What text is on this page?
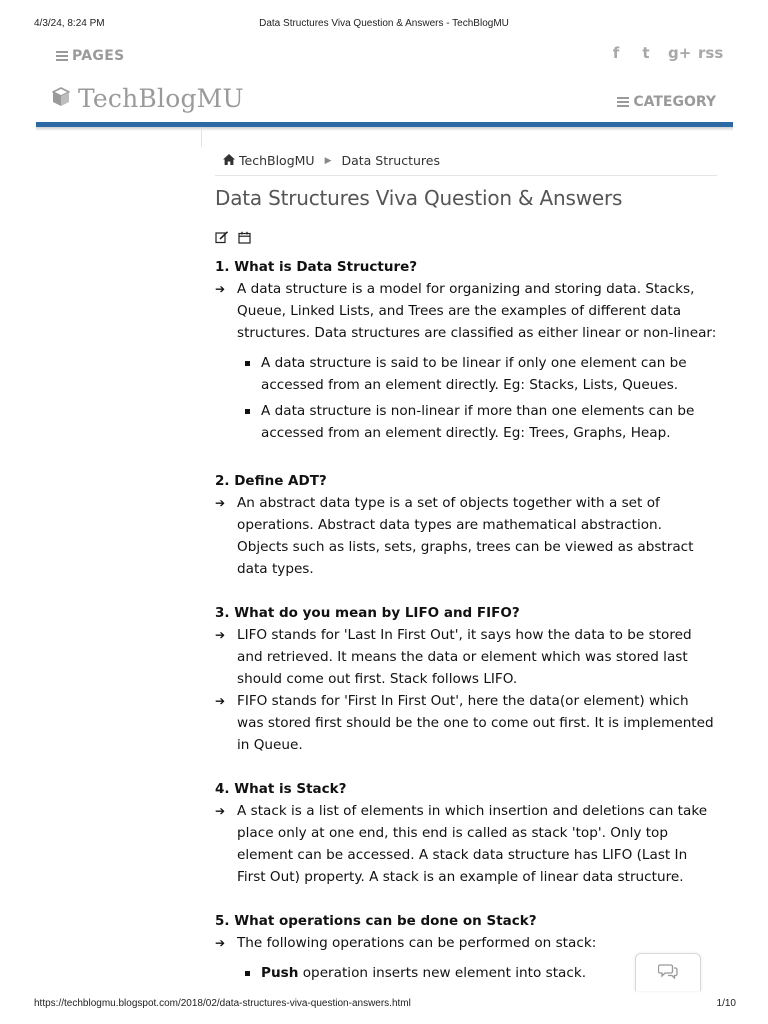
4/3/24, 8:24 PM	Data Structures Viva Question & Answers - TechBlogMU
PAGES	f	t g+ rss
TechBlogMU	CATEGORY
TechBlogMU ▶ Data Structures
Data Structures Viva Question & Answers
1. What is Data Structure?
➔ A data structure is a model for organizing and storing data. Stacks, Queue, Linked Lists, and Trees are the examples of different data structures. Data structures are classified as either linear or non-linear:
A data structure is said to be linear if only one element can be accessed from an element directly. Eg: Stacks, Lists, Queues.
A data structure is non-linear if more than one elements can be accessed from an element directly. Eg: Trees, Graphs, Heap.
2. Define ADT?
➔ An abstract data type is a set of objects together with a set of operations. Abstract data types are mathematical abstraction. Objects such as lists, sets, graphs, trees can be viewed as abstract data types.
3. What do you mean by LIFO and FIFO?
➔ LIFO stands for 'Last In First Out', it says how the data to be stored and retrieved. It means the data or element which was stored last should come out first. Stack follows LIFO.
➔ FIFO stands for 'First In First Out', here the data(or element) which was stored first should be the one to come out first. It is implemented in Queue.
4. What is Stack?
➔ A stack is a list of elements in which insertion and deletions can take place only at one end, this end is called as stack 'top'. Only top element can be accessed. A stack data structure has LIFO (Last In First Out) property. A stack is an example of linear data structure.
5. What operations can be done on Stack?
➔ The following operations can be performed on stack:
Push operation inserts new element into stack.
https://techblogmu.blogspot.com/2018/02/data-structures-viva-question-answers.html	1/10
